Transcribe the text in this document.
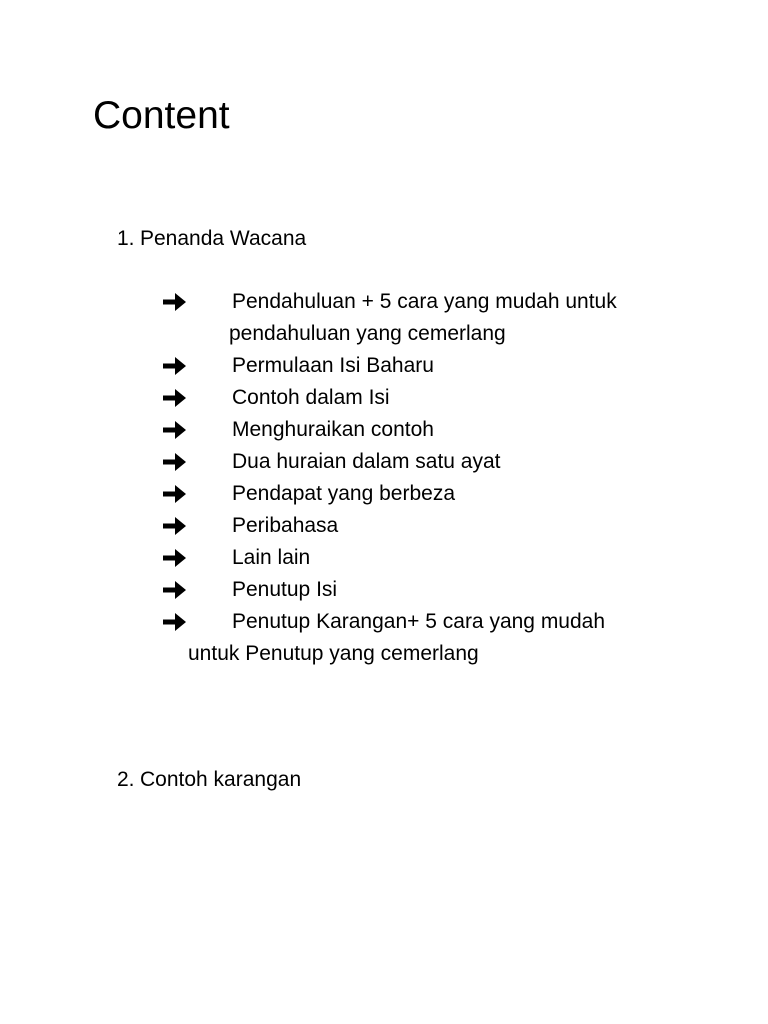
Content
1. Penanda Wacana
Pendahuluan + 5 cara yang mudah untuk
pendahuluan yang cemerlang
Permulaan Isi Baharu
Contoh dalam Isi
Menghuraikan contoh
Dua huraian dalam satu ayat
Pendapat yang berbeza
Peribahasa
Lain lain
Penutup Isi
Penutup Karangan+ 5 cara yang mudah
untuk Penutup yang cemerlang
2. Contoh karangan
